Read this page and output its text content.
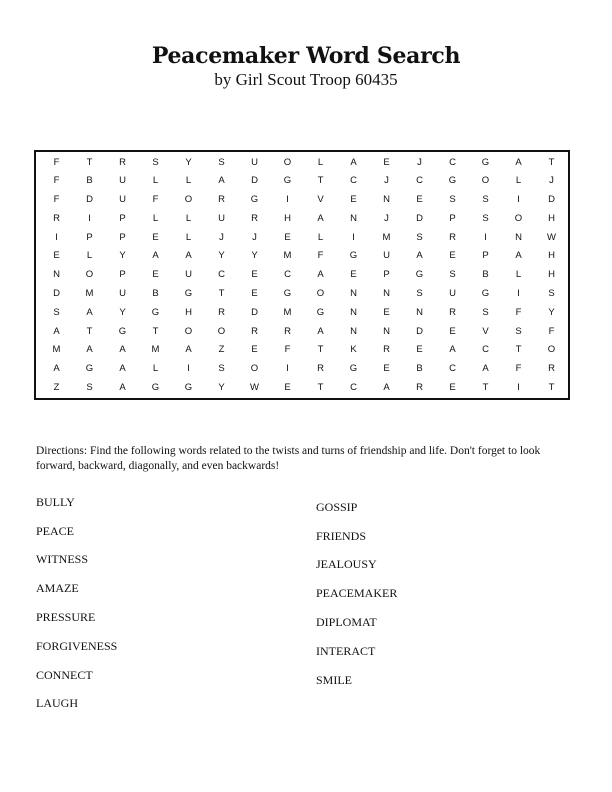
Peacemaker Word Search
by Girl Scout Troop 60435
F	T	R	S	Y	S	U	O	L	A	E	J	C	G	A	T
F	B	U	L	L	A	D	G	T	C	J	C	G	O	L	J
F	D	U	F	O	R	G	I	V	E	N	E	S	S	I	D
R	I	P	L	L	U	R	H	A	N	J	D	P	S	O	H
I	P	P	E	L	J	J	E	L	I	M	S	R	I	N	W
E	L	Y	A	A	Y	Y	M	F	G	U	A	E	P	A	H
N	O	P	E	U	C	E	C	A	E	P	G	S	B	L	H
D	M	U	B	G	T	E	G	O	N	N	S	U	G	I	S
S	A	Y	G	H	R	D	M	G	N	E	N	R	S	F	Y
A	T	G	T	O	O	R	R	A	N	N	D	E	V	S	F
M	A	A	M	A	Z	E	F	T	K	R	E	A	C	T	O
A	G	A	L	I	S	O	I	R	G	E	B	C	A	F	R
Z	S	A	G	G	Y	W	E	T	C	A	R	E	T	I	T
Directions: Find the following words related to the twists and turns of friendship and life. Don't forget to look forward, backward, diagonally, and even backwards!
BULLY
PEACE
WITNESS
AMAZE
PRESSURE
FORGIVENESS
CONNECT
LAUGH
GOSSIP
FRIENDS
JEALOUSY
PEACEMAKER
DIPLOMAT
INTERACT
SMILE
